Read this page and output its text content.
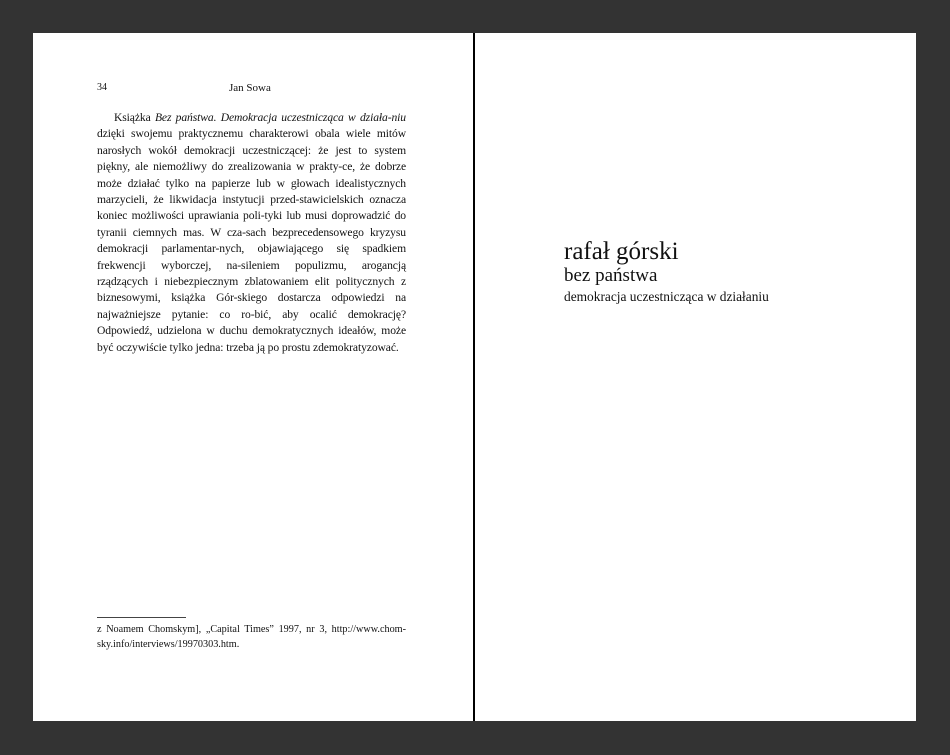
34	Jan Sowa
Książka Bez państwa. Demokracja uczestnicząca w działa-niu dzięki swojemu praktycznemu charakterowi obala wiele mitów narosłych wokół demokracji uczestniczącej: że jest to system piękny, ale niemożliwy do zrealizowania w prakty-ce, że dobrze może działać tylko na papierze lub w głowach idealistycznych marzycieli, że likwidacja instytucji przed-stawicielskich oznacza koniec możliwości uprawiania poli-tyki lub musi doprowadzić do tyranii ciemnych mas. W cza-sach bezprecedensowego kryzysu demokracji parlamentar-nych, objawiającego się spadkiem frekwencji wyborczej, na-sileniem populizmu, arogancją rządzących i niebezpiecznym zblatowaniem elit politycznych z biznesowymi, książka Gór-skiego dostarcza odpowiedzi na najważniejsze pytanie: co ro-bić, aby ocalić demokrację? Odpowiedź, udzielona w duchu demokratycznych ideałów, może być oczywiście tylko jedna: trzeba ją po prostu zdemokratyzować.
z Noamem Chomskym], „Capital Times” 1997, nr 3, http://www.chom-sky.info/interviews/19970303.htm.
rafał górski
bez państwa
demokracja uczestnicząca w działaniu
